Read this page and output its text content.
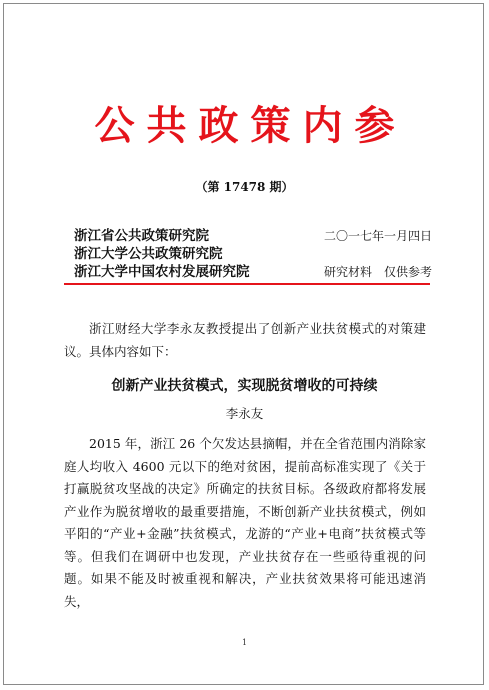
公共政策内参
（第 17478 期）
浙江省公共政策研究院	二〇一七年一月四日
浙江大学公共政策研究院
浙江大学中国农村发展研究院	研究材料　仅供参考

浙江财经大学李永友教授提出了创新产业扶贫模式的对策建议。具体内容如下：

创新产业扶贫模式，实现脱贫增收的可持续
李永友

2015 年，浙江 26 个欠发达县摘帽，并在全省范围内消除家庭人均收入 4600 元以下的绝对贫困，提前高标准实现了《关于打赢脱贫攻坚战的决定》所确定的扶贫目标。各级政府都将发展产业作为脱贫增收的最重要措施，不断创新产业扶贫模式，例如平阳的“产业+金融”扶贫模式，龙游的“产业+电商”扶贫模式等等。但我们在调研中也发现，产业扶贫存在一些亟待重视的问题。如果不能及时被重视和解决，产业扶贫效果将可能迅速消失，

1
